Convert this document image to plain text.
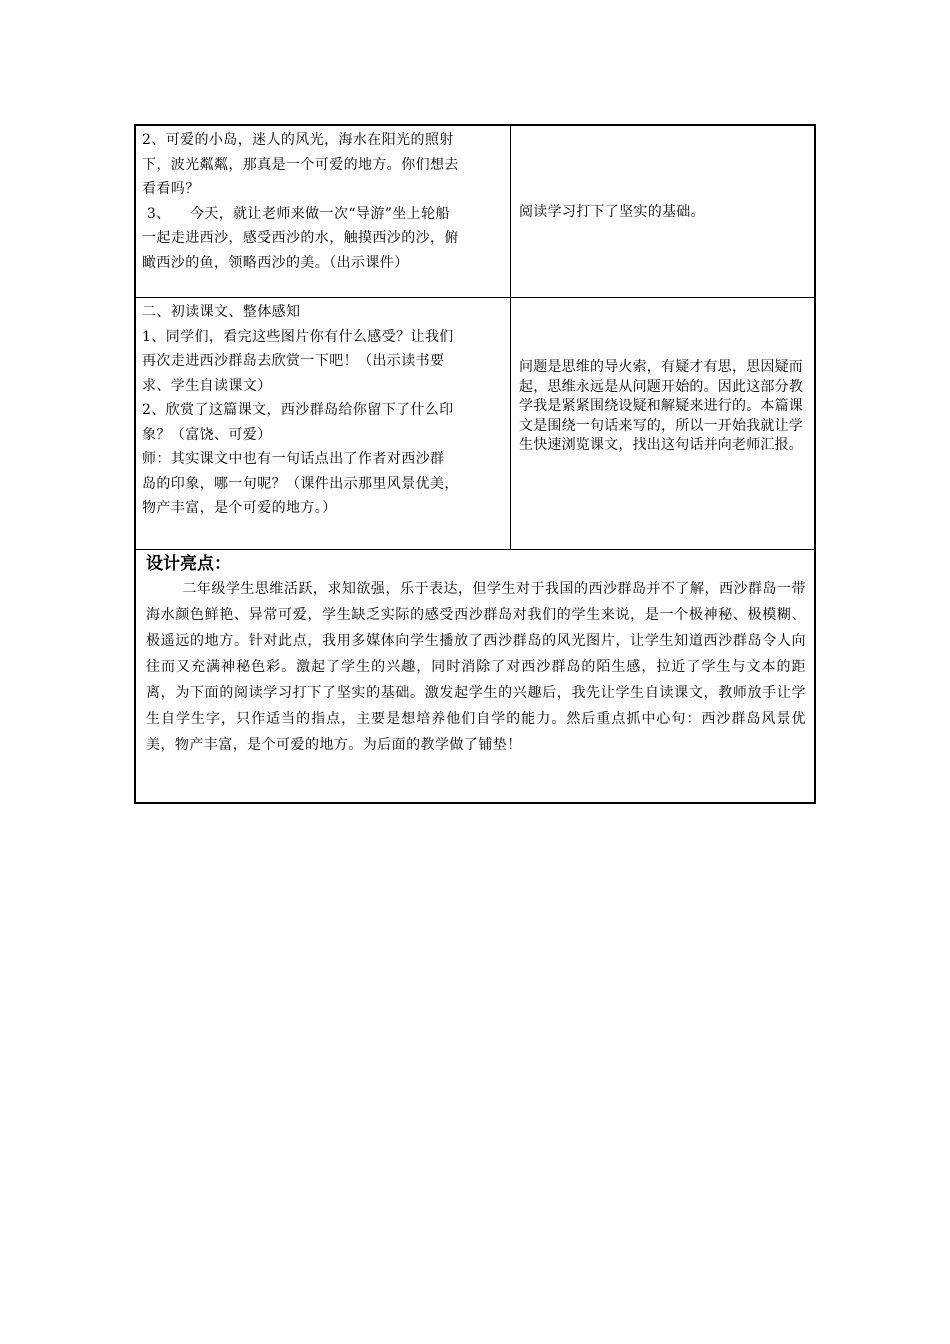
2、可爱的小岛，迷人的风光，海水在阳光的照射

下，波光粼粼，那真是一个可爱的地方。你们想去

看看吗？

3、    今天，就让老师来做一次“导游”坐上轮船

一起走进西沙，感受西沙的水，触摸西沙的沙，俯

瞰西沙的鱼，领略西沙的美。（出示课件）

阅读学习打下了坚实的基础。

二、初读课文、整体感知

1、同学们，看完这些图片你有什么感受？让我们

再次走进西沙群岛去欣赏一下吧！（出示读书要

求、学生自读课文）

2、欣赏了这篇课文，西沙群岛给你留下了什么印

象？（富饶、可爱）

师：其实课文中也有一句话点出了作者对西沙群

岛的印象，哪一句呢？（课件出示那里风景优美，

物产丰富，是个可爱的地方。）

问题是思维的导火索，有疑才有思，思因疑而起，思维永远是从问题开始的。因此这部分教学我是紧紧围绕设疑和解疑来进行的。本篇课文是围绕一句话来写的，所以一开始我就让学生快速浏览课文，找出这句话并向老师汇报。

设计亮点：

二年级学生思维活跃，求知欲强，乐于表达，但学生对于我国的西沙群岛并不了解，西沙群岛一带海水颜色鲜艳、异常可爱，学生缺乏实际的感受西沙群岛对我们的学生来说，是一个极神秘、极模糊、极遥远的地方。针对此点，我用多媒体向学生播放了西沙群岛的风光图片，让学生知道西沙群岛令人向往而又充满神秘色彩。激起了学生的兴趣，同时消除了对西沙群岛的陌生感，拉近了学生与文本的距离，为下面的阅读学习打下了坚实的基础。激发起学生的兴趣后，我先让学生自读课文，教师放手让学生自学生字，只作适当的指点，主要是想培养他们自学的能力。然后重点抓中心句：西沙群岛风景优美，物产丰富，是个可爱的地方。为后面的教学做了铺垫！
